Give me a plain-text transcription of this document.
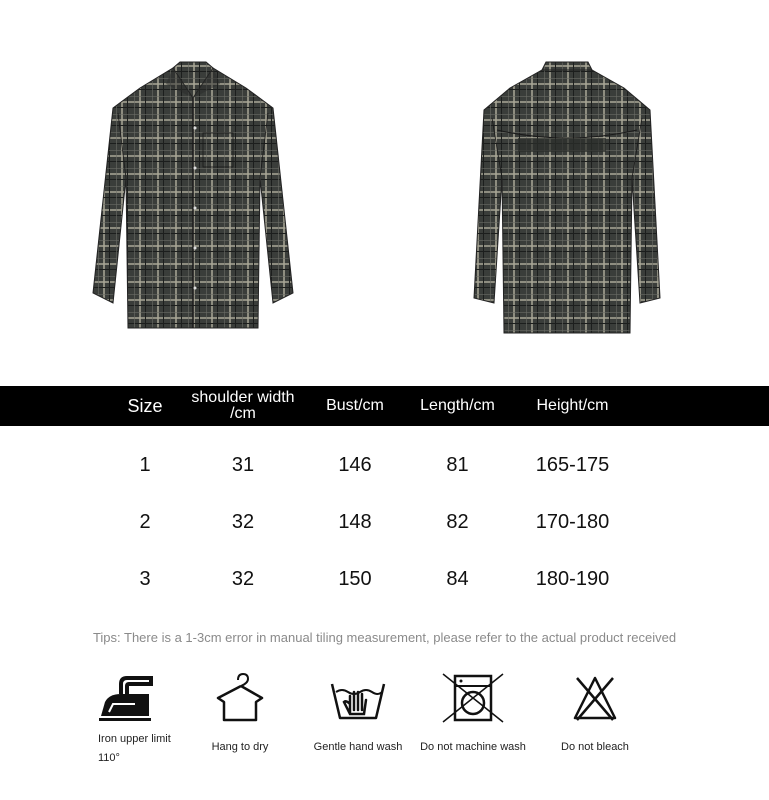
Size	shoulder width /cm	Bust/cm	Length/cm	Height/cm
1	31	146	81	165-175
2	32	148	82	170-180
3	32	150	84	180-190
Tips: There is a 1-3cm error in manual tiling measurement, please refer to the actual product received
Iron upper limit 110°
Hang to dry	Gentle hand wash	Do not machine wash	Do not bleach
